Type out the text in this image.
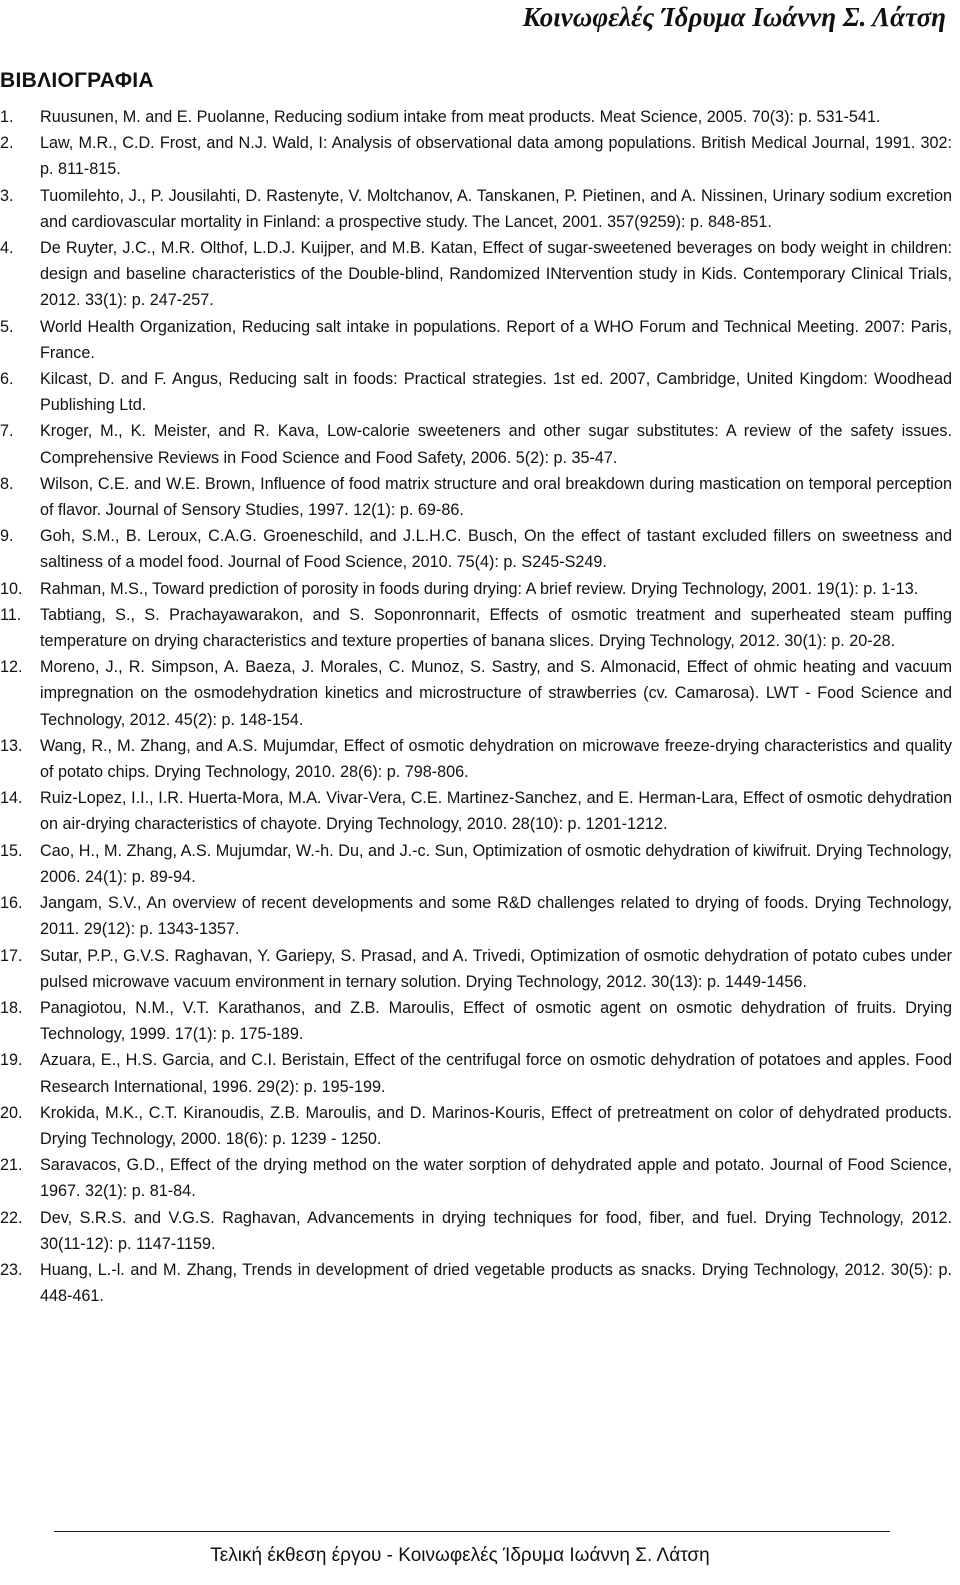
Κοινωφελές Ίδρυμα Ιωάννη Σ. Λάτση
ΒΙΒΛΙΟΓΡΑΦΙΑ
1. Ruusunen, M. and E. Puolanne, Reducing sodium intake from meat products. Meat Science, 2005. 70(3): p. 531-541.
2. Law, M.R., C.D. Frost, and N.J. Wald, I: Analysis of observational data among populations. British Medical Journal, 1991. 302: p. 811-815.
3. Tuomilehto, J., P. Jousilahti, D. Rastenyte, V. Moltchanov, A. Tanskanen, P. Pietinen, and A. Nissinen, Urinary sodium excretion and cardiovascular mortality in Finland: a prospective study. The Lancet, 2001. 357(9259): p. 848-851.
4. De Ruyter, J.C., M.R. Olthof, L.D.J. Kuijper, and M.B. Katan, Effect of sugar-sweetened beverages on body weight in children: design and baseline characteristics of the Double-blind, Randomized INtervention study in Kids. Contemporary Clinical Trials, 2012. 33(1): p. 247-257.
5. World Health Organization, Reducing salt intake in populations. Report of a WHO Forum and Technical Meeting. 2007: Paris, France.
6. Kilcast, D. and F. Angus, Reducing salt in foods: Practical strategies. 1st ed. 2007, Cambridge, United Kingdom: Woodhead Publishing Ltd.
7. Kroger, M., K. Meister, and R. Kava, Low-calorie sweeteners and other sugar substitutes: A review of the safety issues. Comprehensive Reviews in Food Science and Food Safety, 2006. 5(2): p. 35-47.
8. Wilson, C.E. and W.E. Brown, Influence of food matrix structure and oral breakdown during mastication on temporal perception of flavor. Journal of Sensory Studies, 1997. 12(1): p. 69-86.
9. Goh, S.M., B. Leroux, C.A.G. Groeneschild, and J.L.H.C. Busch, On the effect of tastant excluded fillers on sweetness and saltiness of a model food. Journal of Food Science, 2010. 75(4): p. S245-S249.
10. Rahman, M.S., Toward prediction of porosity in foods during drying: A brief review. Drying Technology, 2001. 19(1): p. 1-13.
11. Tabtiang, S., S. Prachayawarakon, and S. Soponronnarit, Effects of osmotic treatment and superheated steam puffing temperature on drying characteristics and texture properties of banana slices. Drying Technology, 2012. 30(1): p. 20-28.
12. Moreno, J., R. Simpson, A. Baeza, J. Morales, C. Munoz, S. Sastry, and S. Almonacid, Effect of ohmic heating and vacuum impregnation on the osmodehydration kinetics and microstructure of strawberries (cv. Camarosa). LWT - Food Science and Technology, 2012. 45(2): p. 148-154.
13. Wang, R., M. Zhang, and A.S. Mujumdar, Effect of osmotic dehydration on microwave freeze-drying characteristics and quality of potato chips. Drying Technology, 2010. 28(6): p. 798-806.
14. Ruiz-Lopez, I.I., I.R. Huerta-Mora, M.A. Vivar-Vera, C.E. Martinez-Sanchez, and E. Herman-Lara, Effect of osmotic dehydration on air-drying characteristics of chayote. Drying Technology, 2010. 28(10): p. 1201-1212.
15. Cao, H., M. Zhang, A.S. Mujumdar, W.-h. Du, and J.-c. Sun, Optimization of osmotic dehydration of kiwifruit. Drying Technology, 2006. 24(1): p. 89-94.
16. Jangam, S.V., An overview of recent developments and some R&D challenges related to drying of foods. Drying Technology, 2011. 29(12): p. 1343-1357.
17. Sutar, P.P., G.V.S. Raghavan, Y. Gariepy, S. Prasad, and A. Trivedi, Optimization of osmotic dehydration of potato cubes under pulsed microwave vacuum environment in ternary solution. Drying Technology, 2012. 30(13): p. 1449-1456.
18. Panagiotou, N.M., V.T. Karathanos, and Z.B. Maroulis, Effect of osmotic agent on osmotic dehydration of fruits. Drying Technology, 1999. 17(1): p. 175-189.
19. Azuara, E., H.S. Garcia, and C.I. Beristain, Effect of the centrifugal force on osmotic dehydration of potatoes and apples. Food Research International, 1996. 29(2): p. 195-199.
20. Krokida, M.K., C.T. Kiranoudis, Z.B. Maroulis, and D. Marinos-Kouris, Effect of pretreatment on color of dehydrated products. Drying Technology, 2000. 18(6): p. 1239 - 1250.
21. Saravacos, G.D., Effect of the drying method on the water sorption of dehydrated apple and potato. Journal of Food Science, 1967. 32(1): p. 81-84.
22. Dev, S.R.S. and V.G.S. Raghavan, Advancements in drying techniques for food, fiber, and fuel. Drying Technology, 2012. 30(11-12): p. 1147-1159.
23. Huang, L.-l. and M. Zhang, Trends in development of dried vegetable products as snacks. Drying Technology, 2012. 30(5): p. 448-461.
Τελική έκθεση έργου - Κοινωφελές Ίδρυμα Ιωάννη Σ. Λάτση
